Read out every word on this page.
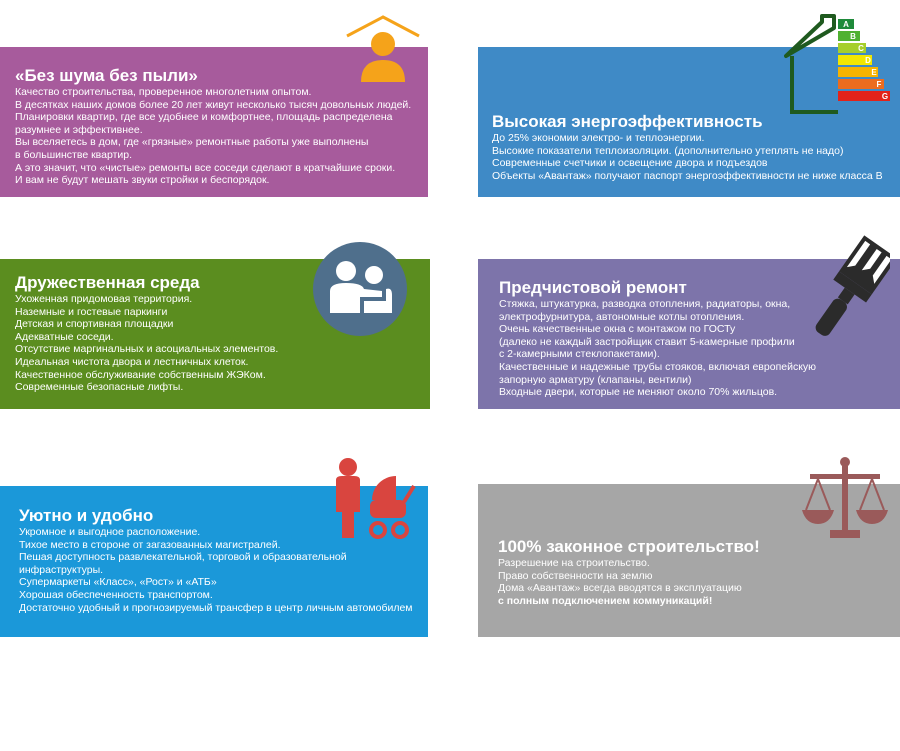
«Без шума без пыли»
Качество строительства, проверенное многолетним опытом.
В десятках наших домов более 20 лет живут несколько тысяч довольных людей.
Планировки квартир, где все удобнее и комфортнее, площадь распределена
разумнее и эффективнее.
Вы вселяетесь в дом, где «грязные» ремонтные работы уже выполнены
в большинстве квартир.
А это значит, что «чистые» ремонты все соседи сделают в кратчайшие сроки.
И вам не будут мешать звуки стройки и беспорядок.
Высокая энергоэффективность
До 25% экономии электро- и теплоэнергии.
Высокие показатели теплоизоляции. (дополнительно утеплять не надо)
Современные счетчики и освещение двора и подъездов
Объекты «Авантаж» получают паспорт энергоэффективности не ниже класса В
A
B
C
D
E
F
G
Дружественная среда
Ухоженная придомовая территория.
Наземные и гостевые паркинги
Детская и спортивная площадки
Адекватные соседи.
Отсутствие маргинальных и асоциальных элементов.
Идеальная чистота двора и лестничных клеток.
Качественное обслуживание собственным ЖЭКом.
Современные безопасные лифты.
Предчистовой ремонт
Стяжка, штукатурка, разводка отопления, радиаторы, окна,
электрофурнитура, автономные котлы отопления.
Очень качественные окна с монтажом по ГОСТу
(далеко не каждый застройщик ставит 5-камерные профили
с 2-камерными стеклопакетами).
Качественные и надежные трубы стояков, включая европейскую
запорную арматуру (клапаны, вентили)
Входные двери, которые не меняют около 70% жильцов.
Уютно и удобно
Укромное и выгодное расположение.
Тихое место в стороне от загазованных магистралей.
Пешая доступность развлекательной, торговой и образовательной
инфраструктуры.
Супермаркеты «Класс», «Рост» и «АТБ»
Хорошая обеспеченность транспортом.
Достаточно удобный и прогнозируемый трансфер в центр личным автомобилем
100% законное строительство!
Разрешение на строительство.
Право собственности на землю
Дома «Авантаж» всегда вводятся в эксплуатацию
с полным подключением коммуникаций!
